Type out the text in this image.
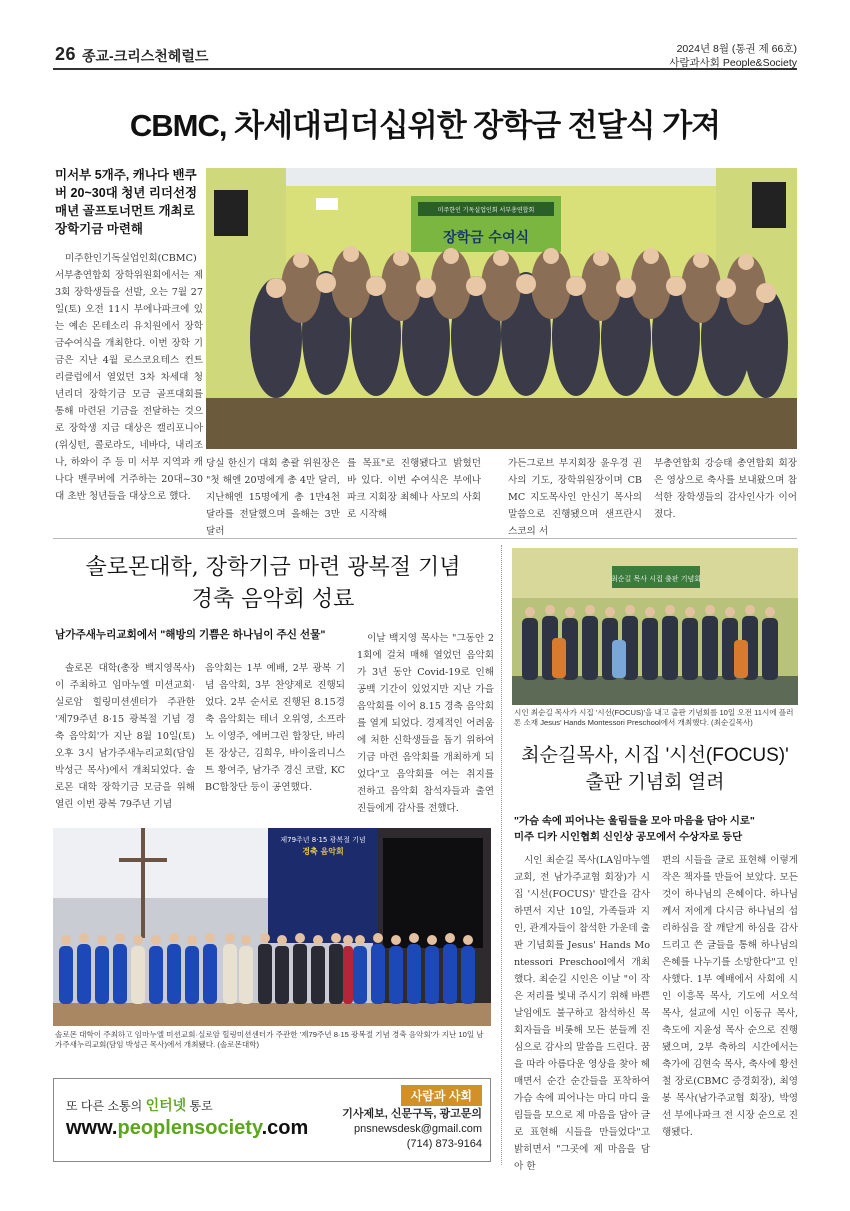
26 종교-크리스천헤럴드	2024년 8월 (통권 제 66호)
사람과사회 People&Society
CBMC, 차세대리더십위한 장학금 전달식 가져
미서부 5개주, 캐나다 밴쿠버 20~30대 청년 리더선정 매년 골프토너먼트 개최로 장학기금 마련해
미주한인기독실업인회(CBMC) 서부총연합회 장학위원회에서는 제3회 장학생들을 선발, 오는 7월 27일(토) 오전 11시 부에나파크에 있는 예손 몬테소리 유치원에서 장학금수여식을 개최한다. 이번 장학 기금은 지난 4월 로스코요테스 컨트리클럽에서 열었던 3차 차세대 청년리더 장학기금 모금 골프대회를 통해 마련된 기금을 전달하는 것으로 장학생 지급 대상은 캘리포니아(위싱턴, 콜로라도, 네바다, 내리조나, 하와이 주 등 미 서부 지역과 캐나다 밴쿠버에 거주하는 20대~30대 초반 청년들을 대상으로 했다.
장학금 수여식
미주한인 기독실업인회 서부총연합회
당실 한신기 대회 총괄 위원장은 "첫 해엔 20명에게 총 4만 달러, 지난해엔 15명에게 총 1만4천달라를 전달했으며 올해는 3만 달러
를 목표"로 진행됐다고 밝혔던 바 있다. 이번 수여식은 부에나파크 지회장 최혜나 사모의 사회로 시작해
가든그로브 부지회장 윤우경 권사의 기도, 장학위원장이며 CBMC 지도목사인 안신기 목사의 말씀으로 진행됐으며 샌프란시스코의 서
부총연합회 강승태 총연합회 회장은 영상으로 축사를 보내왔으며 참석한 장학생들의 감사인사가 이어졌다.
솔로몬대학, 장학기금 마련 광복절 기념
경축 음악회 성료
남가주새누리교회에서 "해방의 기쁨은 하나님이 주신 선물"
솔로몬 대학(총장 백지영목사)이 주최하고 임마누엘 미션교회·실로암 힐링미션센터가 주관한 '제79주년 8·15 광복절 기념 경축 음악회'가 지난 8월 10일(토) 오후 3시 남가주새누리교회(담임 박성근 목사)에서 개최되었다. 솔로몬 대학 장학기금 모금을 위해 열린 이번 광복 79주년 기념
음악회는 1부 예배, 2부 광복 기념 음악회, 3부 찬양제로 진행되었다. 2부 순서로 진행된 8.15경축 음악회는 테너 오위영, 소프라노 이영주, 에버그린 합창단, 바리톤 장상근, 김희우, 바이올리니스트 황여주, 남가주 경신 코랄, KCBC합창단 등이 공연했다.
이날 백지영 목사는 "그동안 21회에 걸쳐 매해 열었던 음악회가 3년 동안 Covid-19로 인해 공백 기간이 있었지만 지난 가을 음악회를 이어 8.15 경축 음악회를 열게 되었다. 경제적인 어려움에 처한 신학생들을 돕기 위하여 기금 마련 음악회를 개최하게 되었다"고 음악회를 여는 취지를 전하고 음악회 참석자들과 출연진들에게 감사를 전했다.
제79주년 8·15 광복절 기념
경축 음악회
솔로몬 대학이 주최하고 임마누엘 미션교회·실로암 힐링미션센터가 주관한 '제79주년 8·15 광복절 기념 경축 음악회'가 지난 10일 남가주새누리교회(담임 박성근 목사)에서 개최됐다. (솔로몬대학)
최순길 목사 시집 출판 기념회
시인 최순길 목사가 시집 '시선(FOCUS)'을 내고 출판 기념회를 10일 오전 11시에 플러톤 소재 Jesus' Hands Montessori Preschool에서 개최했다. (최순길목사)
최순길목사, 시집 '시선(FOCUS)'
출판 기념회 열려
"가슴 속에 피어나는 울림들을 모아 마음을 담아 시로"
미주 디카 시인협회 신인상 공모에서 수상자로 등단
시인 최순길 목사(LA임마누엘교회, 전 남가주교협 회장)가 시집 '시선(FOCUS)' 발간을 감사하면서 지난 10일, 가족들과 지인, 관계자들이 참석한 가운데 출판 기념회를 Jesus' Hands Montessori Preschool에서 개최했다. 최순길 시인은 이날 "이 작은 저리를 빛내 주시기 위해 바쁜 날임에도 불구하고 참석하신 목회자들을 비롯해 모든 분들께 진심으로 감사의 말씀을 드린다. 꿈을 따라 아름다운 영상을 찾아 헤매면서 순간 순간들을 포착하여 가슴 속에 피어나는 마디 마디 울림들을 모으로 제 마음을 담아 글로 표현해 시들을 만들었다"고 밝히면서 "그곳에 제 마음을 담아 한
편의 시들을 글로 표현해 이렇게 작은 책자를 만들어 보았다. 모든 것이 하나님의 은혜이다. 하나님께서 저에게 다시금 하나님의 섭리하심을 잘 깨닫게 하심을 감사드리고 쓴 글들을 통해 하나님의 은혜를 나누기를 소망한다"고 인사했다. 1부 예배에서 사회에 시인 이흥목 목사, 기도에 서오석 목사, 설교에 시인 이동규 목사, 축도에 지윤성 목사 순으로 진행됐으며, 2부 축하의 시간에서는 축가에 김현숙 목사, 축사에 황선철 장로(CBMC 증경회장), 최영봉 목사(남가주교협 회장), 박영선 부에나파크 전 시장 순으로 진행됐다.
또 다른 소통의 인터넷 통로
www.peoplensociety.com
사람과 사회
기사제보, 신문구독, 광고문의
pnsnewsdesk@gmail.com
(714) 873-9164
